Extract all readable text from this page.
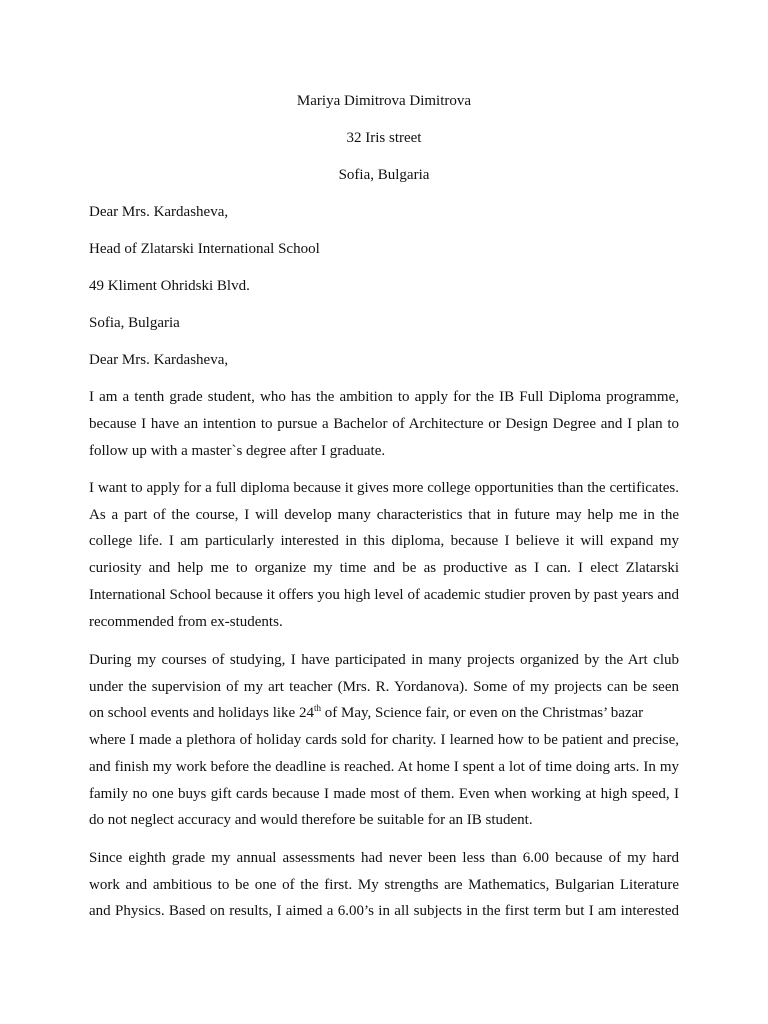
Mariya Dimitrova Dimitrova
32 Iris street
Sofia, Bulgaria
Dear Mrs. Kardasheva,
Head of Zlatarski International School
49 Kliment Ohridski Blvd.
Sofia, Bulgaria
Dear Mrs. Kardasheva,
I am a tenth grade student, who has the ambition to apply for the IB Full Diploma programme,
because I have an intention to pursue a Bachelor of Architecture or Design Degree and I plan to
follow up with a master`s degree after I graduate.
I want to apply for a full diploma because it gives more college opportunities than the certificates.
As a part of the course, I will develop many characteristics that in future may help me in the
college life. I am particularly interested in this diploma, because I believe it will expand my
curiosity and help me to organize my time and be as productive as I can. I elect Zlatarski
International School because it offers you high level of academic studier proven by past years and
recommended from ex-students.
During my courses of studying, I have participated in many projects organized by the Art club
under the supervision of my art teacher (Mrs. R. Yordanova). Some of my projects can be seen
on school events and holidays like 24th of May, Science fair, or even on the Christmas’ bazar
where I made a plethora of holiday cards sold for charity. I learned how to be patient and precise,
and finish my work before the deadline is reached. At home I spent a lot of time doing arts. In my
family no one buys gift cards because I made most of them. Even when working at high speed, I
do not neglect accuracy and would therefore be suitable for an IB student.
Since eighth grade my annual assessments had never been less than 6.00 because of my hard
work and ambitious to be one of the first. My strengths are Mathematics, Bulgarian Literature
and Physics. Based on results, I aimed a 6.00’s in all subjects in the first term but I am interested
